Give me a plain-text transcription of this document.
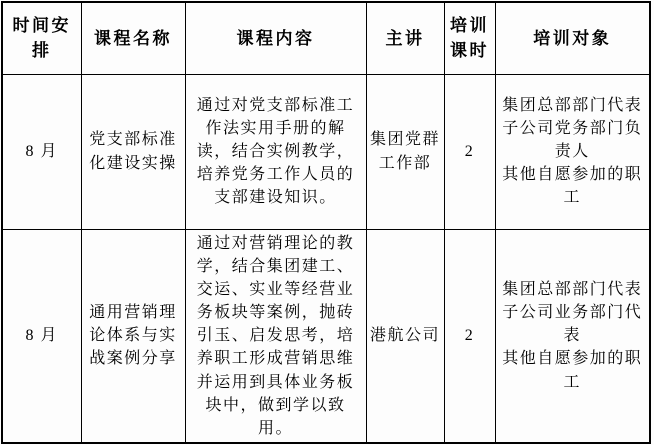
时间安排	课程名称	课程内容	主讲	培训课时	培训对象
8 月	党支部标准化建设实操	通过对党支部标准工作法实用手册的解读，结合实例教学，培养党务工作人员的支部建设知识。	集团党群工作部	2	集团总部部门代表
子公司党务部门负责人
其他自愿参加的职工
8 月	通用营销理论体系与实战案例分享	通过对营销理论的教学，结合集团建工、交运、实业等经营业务板块等案例，抛砖引玉、启发思考，培养职工形成营销思维并运用到具体业务板块中，做到学以致用。	港航公司	2	集团总部部门代表
子公司业务部门代表
其他自愿参加的职工
